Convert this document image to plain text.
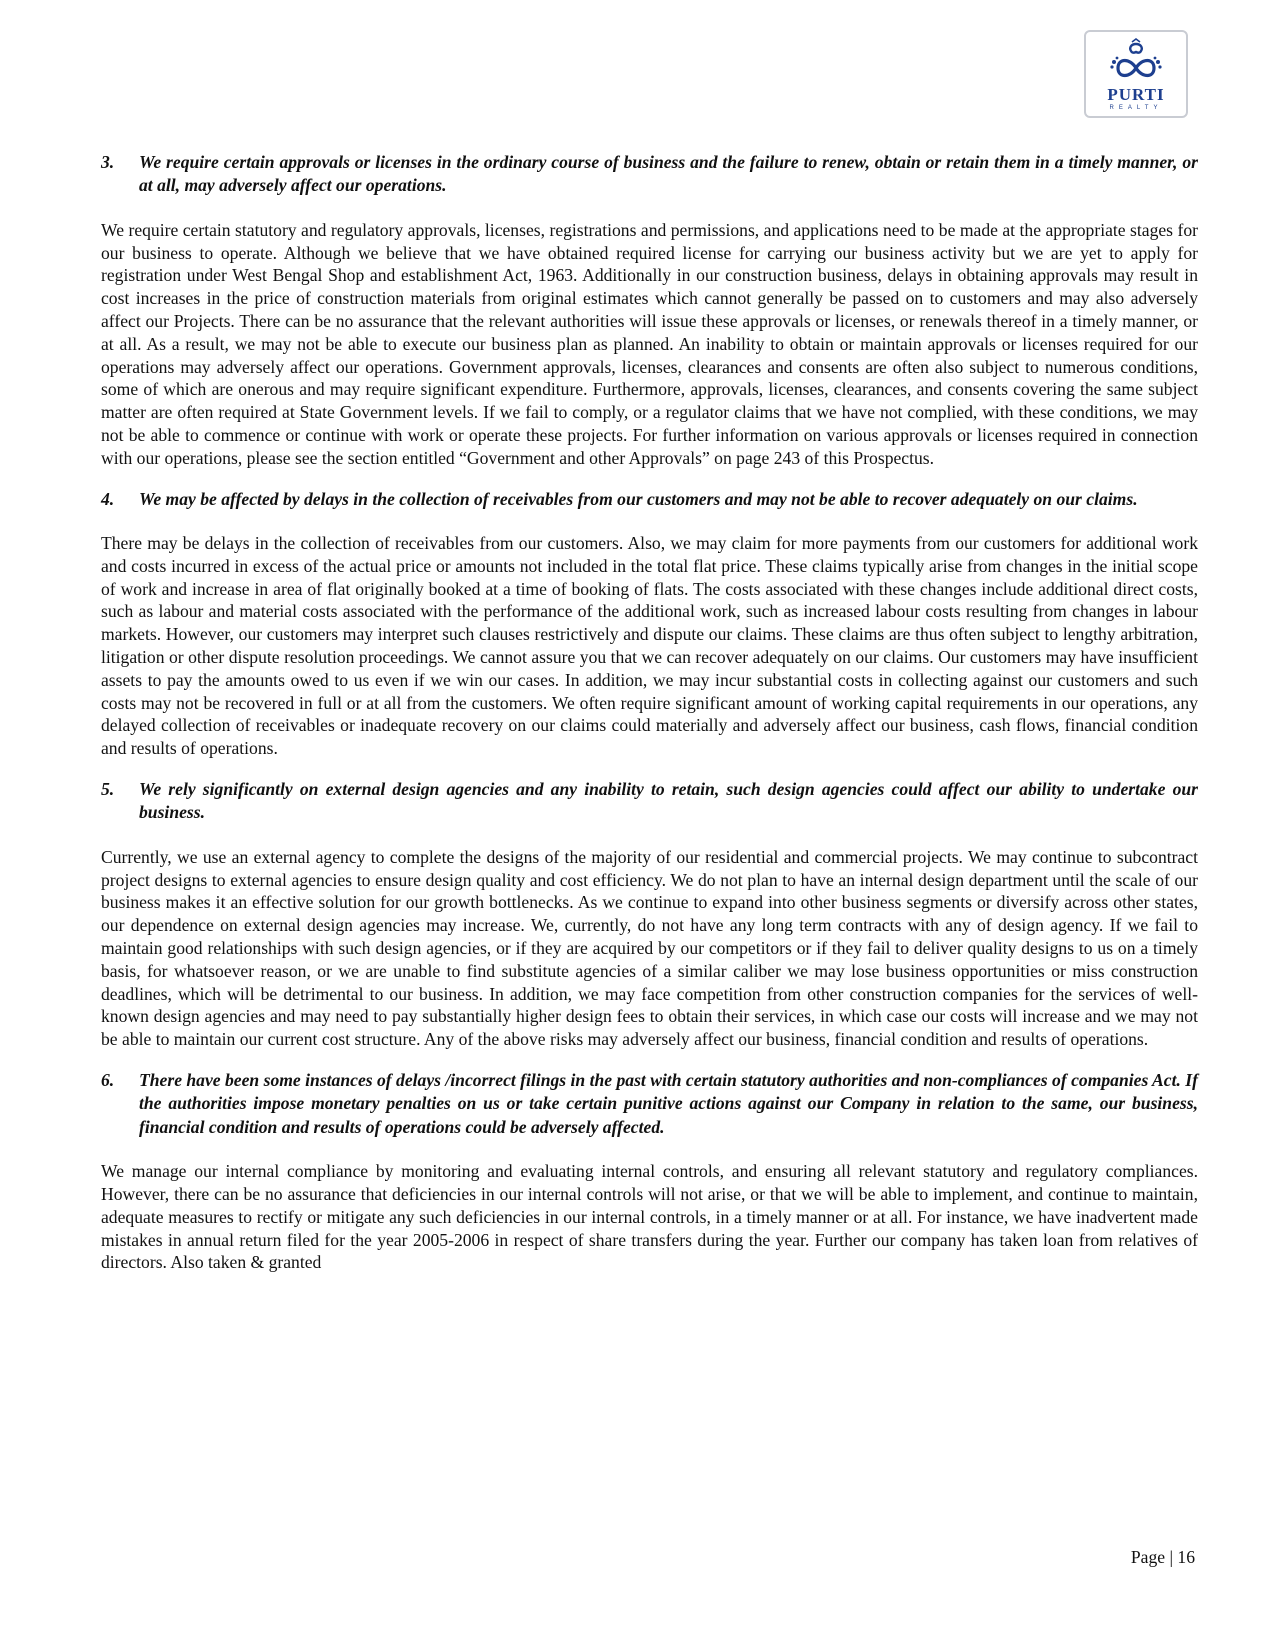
PURTI
REALTY

3. We require certain approvals or licenses in the ordinary course of business and the failure to renew, obtain or retain them in a timely manner, or at all, may adversely affect our operations.

We require certain statutory and regulatory approvals, licenses, registrations and permissions, and applications need to be made at the appropriate stages for our business to operate. Although we believe that we have obtained required license for carrying our business activity but we are yet to apply for registration under West Bengal Shop and establishment Act, 1963. Additionally in our construction business, delays in obtaining approvals may result in cost increases in the price of construction materials from original estimates which cannot generally be passed on to customers and may also adversely affect our Projects. There can be no assurance that the relevant authorities will issue these approvals or licenses, or renewals thereof in a timely manner, or at all. As a result, we may not be able to execute our business plan as planned. An inability to obtain or maintain approvals or licenses required for our operations may adversely affect our operations. Government approvals, licenses, clearances and consents are often also subject to numerous conditions, some of which are onerous and may require significant expenditure. Furthermore, approvals, licenses, clearances, and consents covering the same subject matter are often required at State Government levels. If we fail to comply, or a regulator claims that we have not complied, with these conditions, we may not be able to commence or continue with work or operate these projects. For further information on various approvals or licenses required in connection with our operations, please see the section entitled “Government and other Approvals” on page 243 of this Prospectus.

4. We may be affected by delays in the collection of receivables from our customers and may not be able to recover adequately on our claims.

There may be delays in the collection of receivables from our customers. Also, we may claim for more payments from our customers for additional work and costs incurred in excess of the actual price or amounts not included in the total flat price. These claims typically arise from changes in the initial scope of work and increase in area of flat originally booked at a time of booking of flats. The costs associated with these changes include additional direct costs, such as labour and material costs associated with the performance of the additional work, such as increased labour costs resulting from changes in labour markets. However, our customers may interpret such clauses restrictively and dispute our claims. These claims are thus often subject to lengthy arbitration, litigation or other dispute resolution proceedings. We cannot assure you that we can recover adequately on our claims. Our customers may have insufficient assets to pay the amounts owed to us even if we win our cases. In addition, we may incur substantial costs in collecting against our customers and such costs may not be recovered in full or at all from the customers. We often require significant amount of working capital requirements in our operations, any delayed collection of receivables or inadequate recovery on our claims could materially and adversely affect our business, cash flows, financial condition and results of operations.

5. We rely significantly on external design agencies and any inability to retain, such design agencies could affect our ability to undertake our business.

Currently, we use an external agency to complete the designs of the majority of our residential and commercial projects. We may continue to subcontract project designs to external agencies to ensure design quality and cost efficiency. We do not plan to have an internal design department until the scale of our business makes it an effective solution for our growth bottlenecks. As we continue to expand into other business segments or diversify across other states, our dependence on external design agencies may increase. We, currently, do not have any long term contracts with any of design agency. If we fail to maintain good relationships with such design agencies, or if they are acquired by our competitors or if they fail to deliver quality designs to us on a timely basis, for whatsoever reason, or we are unable to find substitute agencies of a similar caliber we may lose business opportunities or miss construction deadlines, which will be detrimental to our business. In addition, we may face competition from other construction companies for the services of well-known design agencies and may need to pay substantially higher design fees to obtain their services, in which case our costs will increase and we may not be able to maintain our current cost structure. Any of the above risks may adversely affect our business, financial condition and results of operations.

6. There have been some instances of delays /incorrect filings in the past with certain statutory authorities and non-compliances of companies Act. If the authorities impose monetary penalties on us or take certain punitive actions against our Company in relation to the same, our business, financial condition and results of operations could be adversely affected.

We manage our internal compliance by monitoring and evaluating internal controls, and ensuring all relevant statutory and regulatory compliances. However, there can be no assurance that deficiencies in our internal controls will not arise, or that we will be able to implement, and continue to maintain, adequate measures to rectify or mitigate any such deficiencies in our internal controls, in a timely manner or at all. For instance, we have inadvertent made mistakes in annual return filed for the year 2005-2006 in respect of share transfers during the year. Further our company has taken loan from relatives of directors. Also taken & granted

Page | 16
